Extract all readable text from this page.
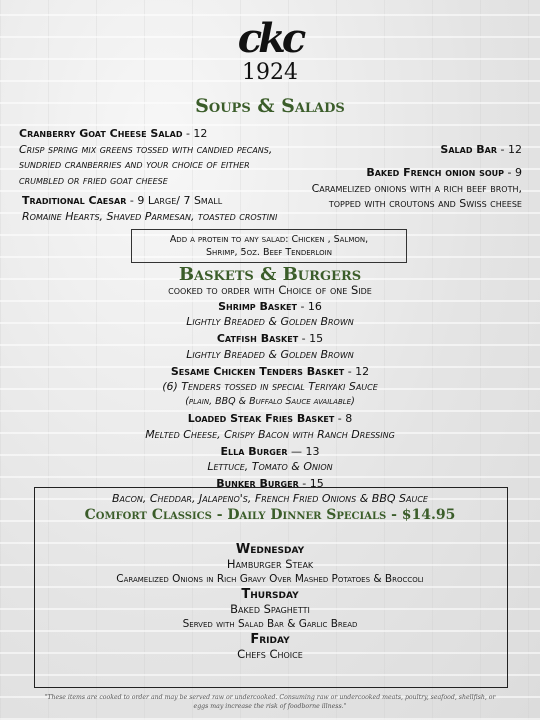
ckc
1924
Soups & Salads
Cranberry Goat Cheese Salad - 12
Crisp spring mix greens tossed with candied pecans,
sundried cranberries and your choice of either
crumbled or fried goat cheese
Salad Bar - 12
Baked French onion soup - 9
Caramelized onions with a rich beef broth,
topped with croutons and Swiss cheese
Traditional Caesar - 9 Large/ 7 Small
Romaine Hearts, Shaved Parmesan, toasted crostini
Add a protein to any salad: Chicken , Salmon,
Shrimp, 5oz. Beef Tenderloin
Baskets & Burgers
cooked to order with Choice of one Side
Shrimp Basket - 16
Lightly Breaded & Golden Brown
Catfish Basket - 15
Lightly Breaded & Golden Brown
Sesame Chicken Tenders Basket - 12
(6) Tenders tossed in special Teriyaki Sauce
(plain, BBQ & Buffalo Sauce available)
Loaded Steak Fries Basket - 8
Melted Cheese, Crispy Bacon with Ranch Dressing
Ella Burger — 13
Lettuce, Tomato & Onion
Bunker Burger - 15
Bacon, Cheddar, Jalapeno's, French Fried Onions & BBQ Sauce
Comfort Classics - Daily Dinner Specials - $14.95
Wednesday
Hamburger Steak
Caramelized Onions in Rich Gravy Over Mashed Potatoes & Broccoli
Thursday
Baked Spaghetti
Served with Salad Bar & Garlic Bread
Friday
Chefs Choice
"These items are cooked to order and may be served raw or undercooked. Consuming raw or undercooked meats, poultry, seafood, shellfish, or
eggs may increase the risk of foodborne illness."
